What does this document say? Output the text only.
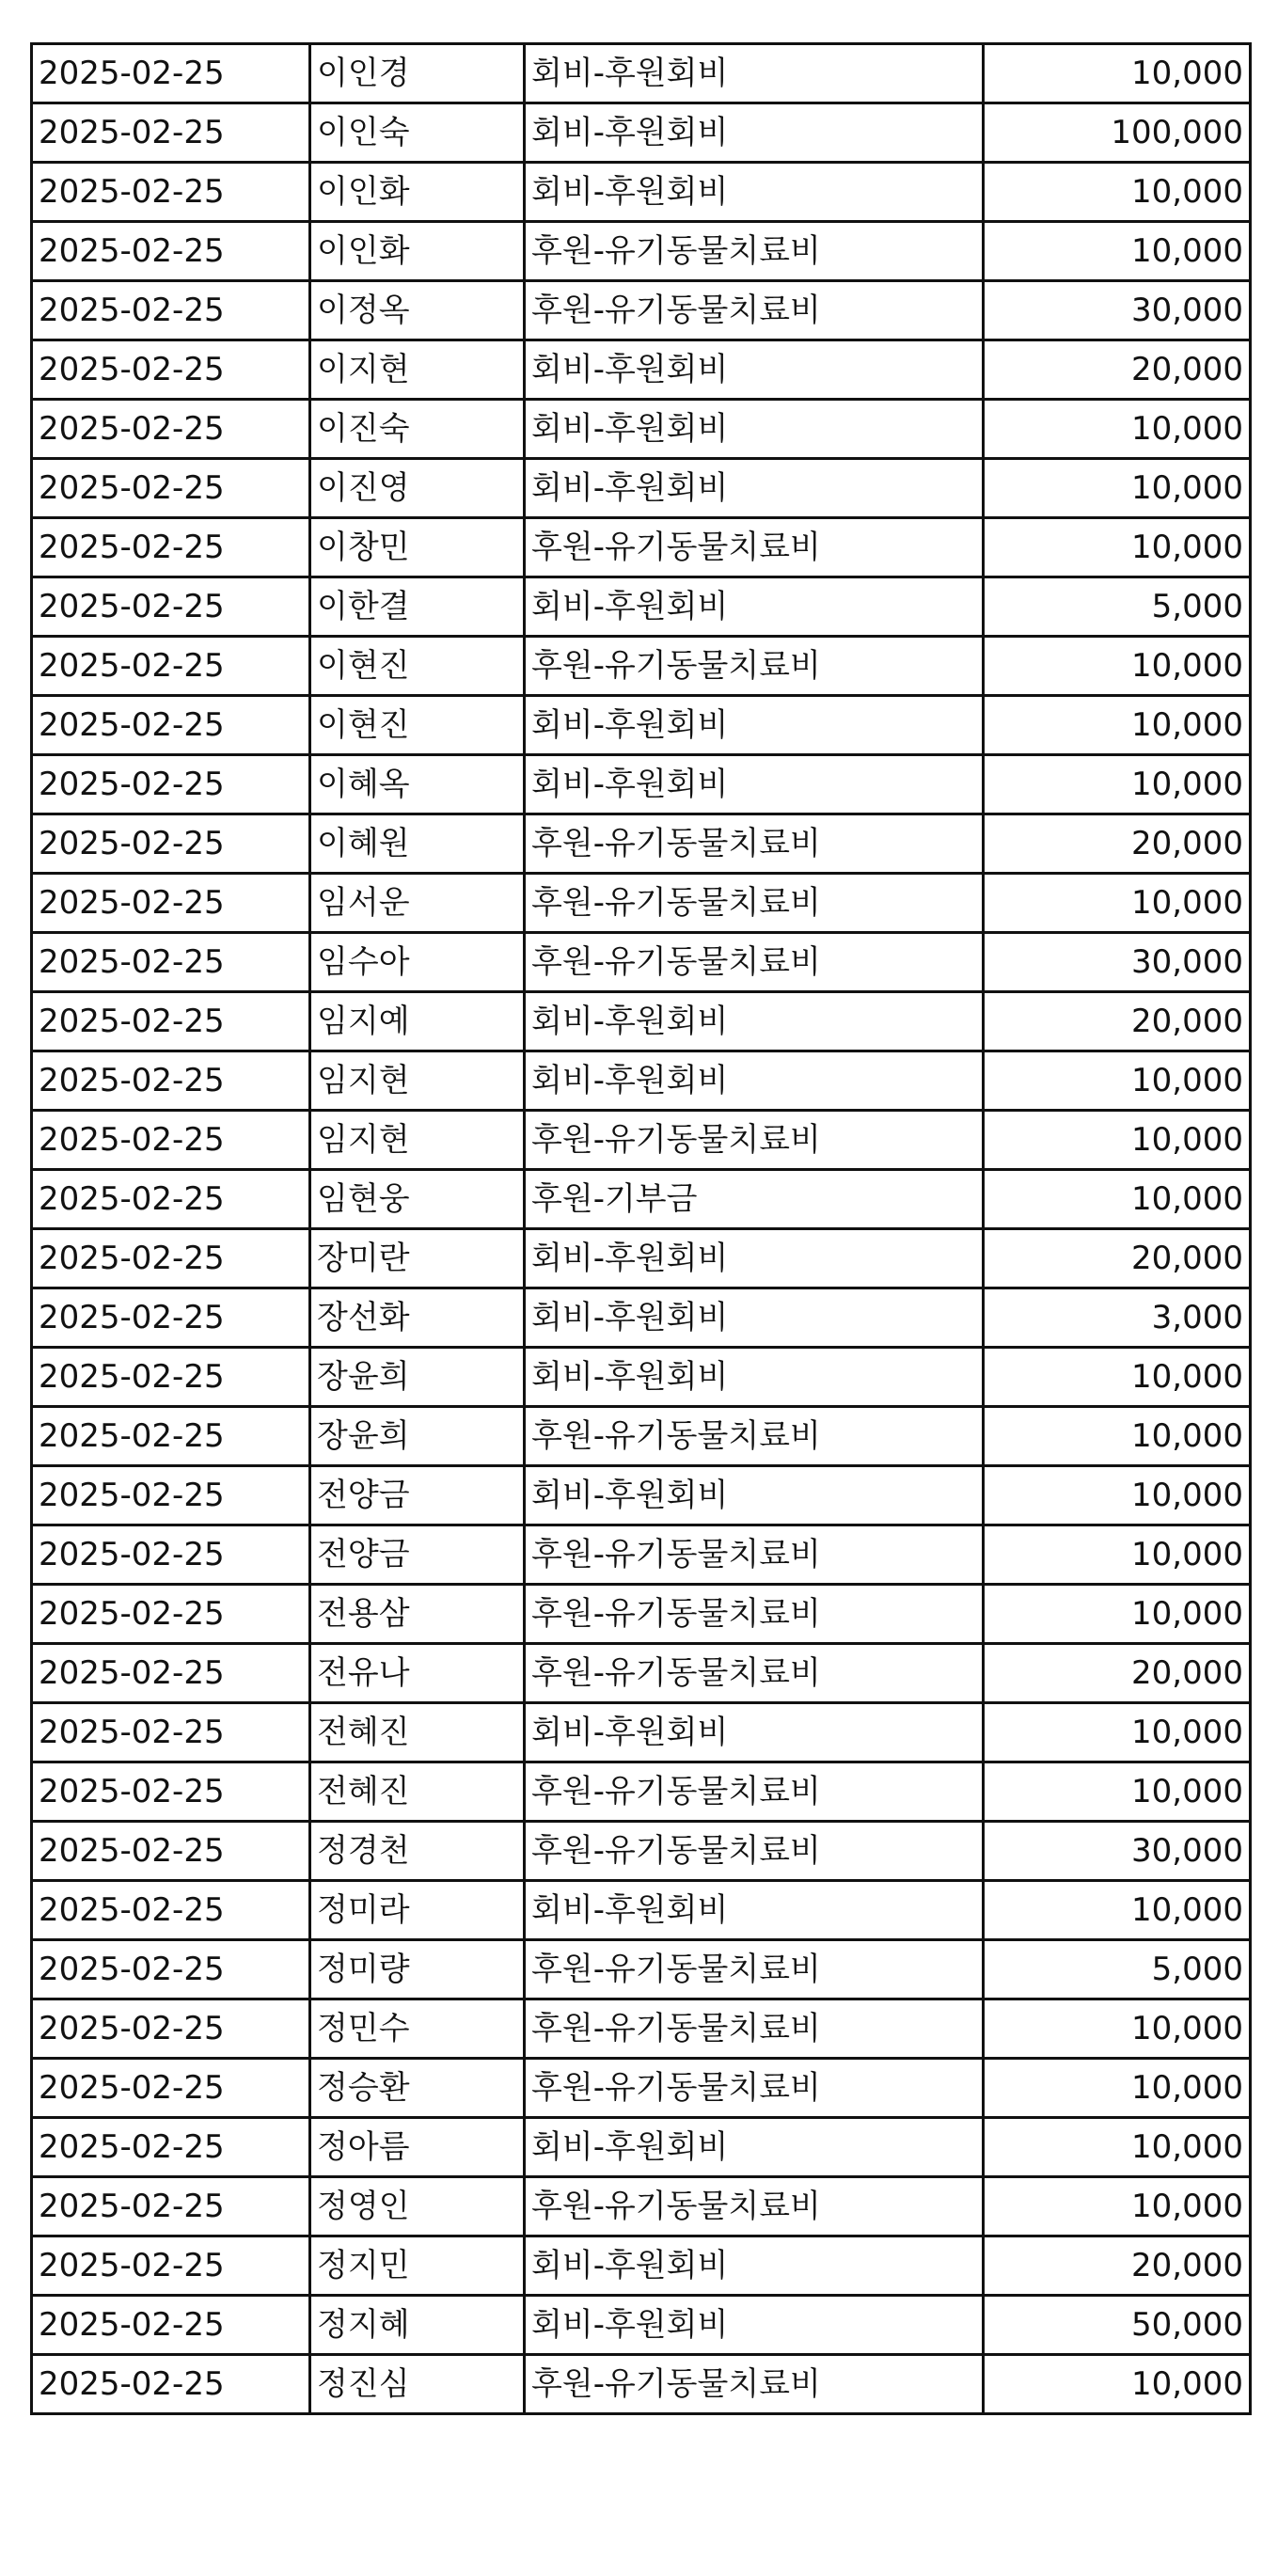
2025-02-25	이인경	회비-후원회비	10,000
2025-02-25	이인숙	회비-후원회비	100,000
2025-02-25	이인화	회비-후원회비	10,000
2025-02-25	이인화	후원-유기동물치료비	10,000
2025-02-25	이정옥	후원-유기동물치료비	30,000
2025-02-25	이지현	회비-후원회비	20,000
2025-02-25	이진숙	회비-후원회비	10,000
2025-02-25	이진영	회비-후원회비	10,000
2025-02-25	이창민	후원-유기동물치료비	10,000
2025-02-25	이한결	회비-후원회비	5,000
2025-02-25	이현진	후원-유기동물치료비	10,000
2025-02-25	이현진	회비-후원회비	10,000
2025-02-25	이혜옥	회비-후원회비	10,000
2025-02-25	이혜원	후원-유기동물치료비	20,000
2025-02-25	임서운	후원-유기동물치료비	10,000
2025-02-25	임수아	후원-유기동물치료비	30,000
2025-02-25	임지예	회비-후원회비	20,000
2025-02-25	임지현	회비-후원회비	10,000
2025-02-25	임지현	후원-유기동물치료비	10,000
2025-02-25	임현웅	후원-기부금	10,000
2025-02-25	장미란	회비-후원회비	20,000
2025-02-25	장선화	회비-후원회비	3,000
2025-02-25	장윤희	회비-후원회비	10,000
2025-02-25	장윤희	후원-유기동물치료비	10,000
2025-02-25	전양금	회비-후원회비	10,000
2025-02-25	전양금	후원-유기동물치료비	10,000
2025-02-25	전용삼	후원-유기동물치료비	10,000
2025-02-25	전유나	후원-유기동물치료비	20,000
2025-02-25	전혜진	회비-후원회비	10,000
2025-02-25	전혜진	후원-유기동물치료비	10,000
2025-02-25	정경천	후원-유기동물치료비	30,000
2025-02-25	정미라	회비-후원회비	10,000
2025-02-25	정미량	후원-유기동물치료비	5,000
2025-02-25	정민수	후원-유기동물치료비	10,000
2025-02-25	정승환	후원-유기동물치료비	10,000
2025-02-25	정아름	회비-후원회비	10,000
2025-02-25	정영인	후원-유기동물치료비	10,000
2025-02-25	정지민	회비-후원회비	20,000
2025-02-25	정지혜	회비-후원회비	50,000
2025-02-25	정진심	후원-유기동물치료비	10,000
